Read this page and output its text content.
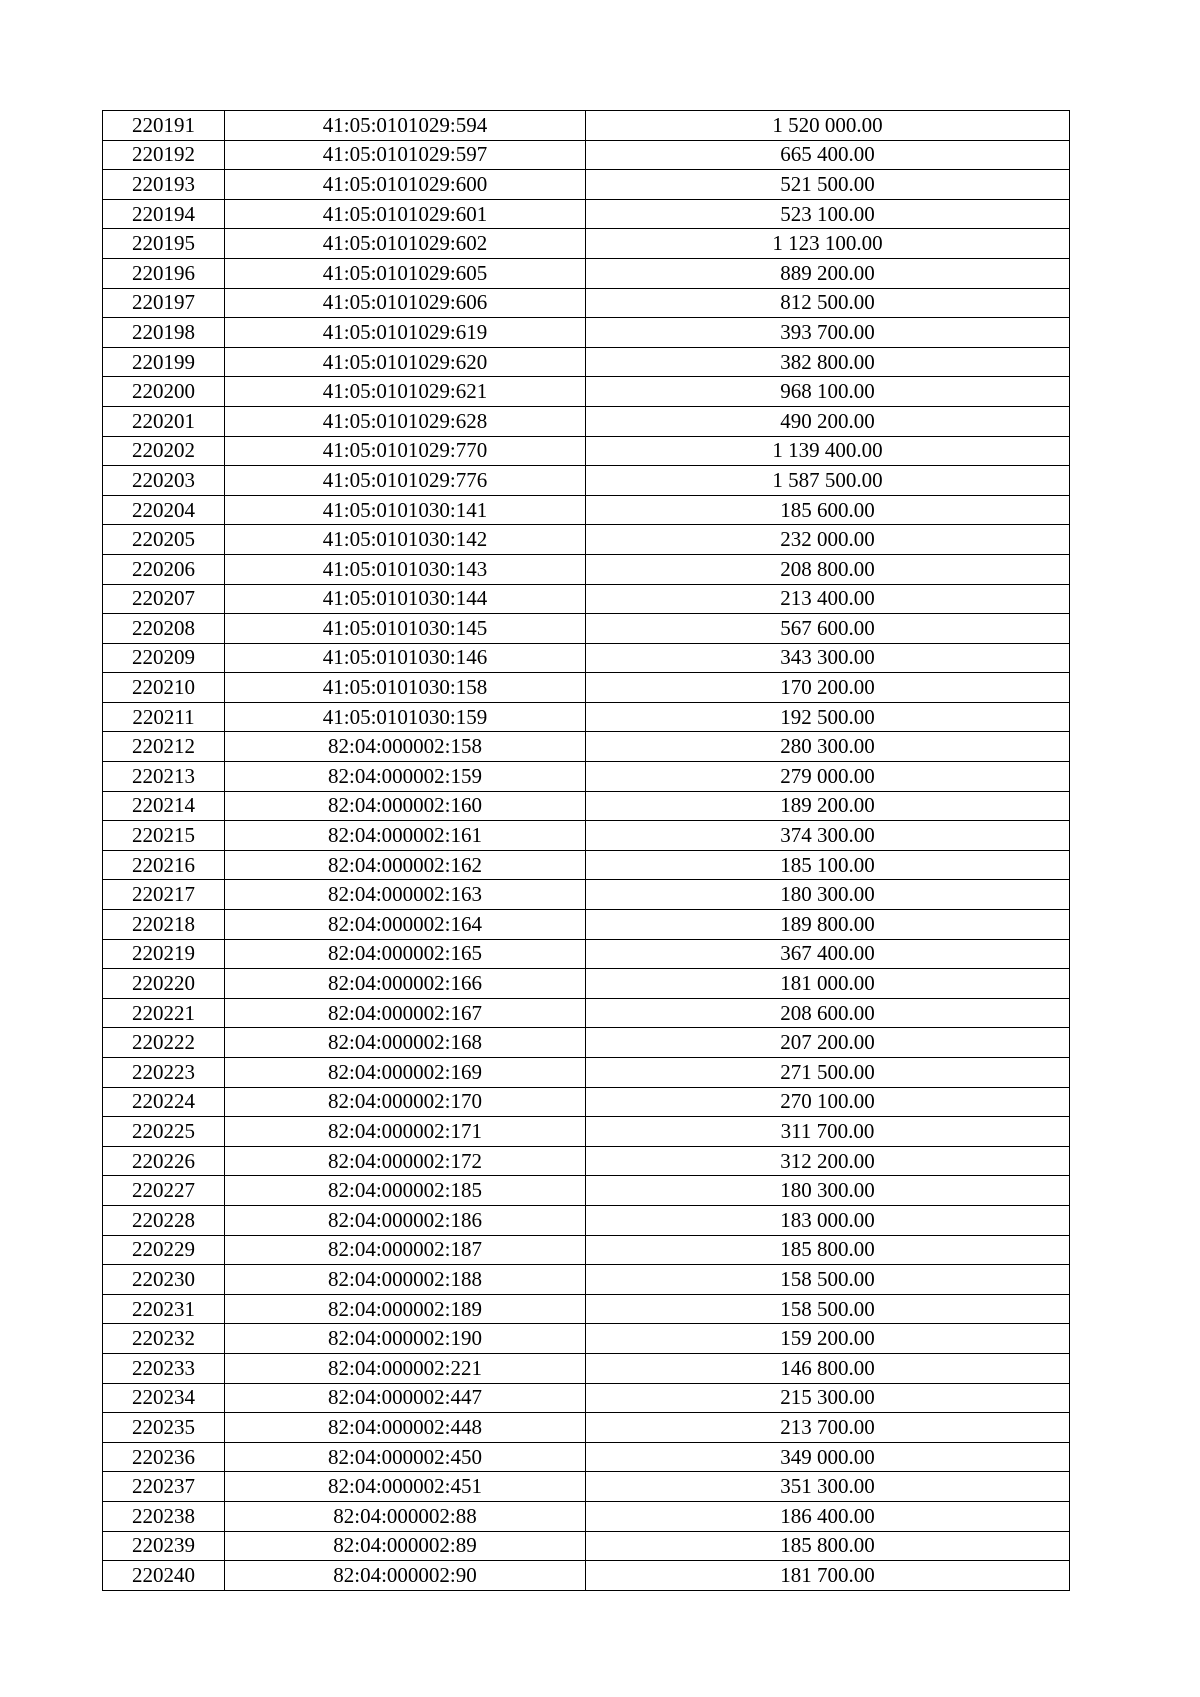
220191	41:05:0101029:594	1 520 000.00
220192	41:05:0101029:597	665 400.00
220193	41:05:0101029:600	521 500.00
220194	41:05:0101029:601	523 100.00
220195	41:05:0101029:602	1 123 100.00
220196	41:05:0101029:605	889 200.00
220197	41:05:0101029:606	812 500.00
220198	41:05:0101029:619	393 700.00
220199	41:05:0101029:620	382 800.00
220200	41:05:0101029:621	968 100.00
220201	41:05:0101029:628	490 200.00
220202	41:05:0101029:770	1 139 400.00
220203	41:05:0101029:776	1 587 500.00
220204	41:05:0101030:141	185 600.00
220205	41:05:0101030:142	232 000.00
220206	41:05:0101030:143	208 800.00
220207	41:05:0101030:144	213 400.00
220208	41:05:0101030:145	567 600.00
220209	41:05:0101030:146	343 300.00
220210	41:05:0101030:158	170 200.00
220211	41:05:0101030:159	192 500.00
220212	82:04:000002:158	280 300.00
220213	82:04:000002:159	279 000.00
220214	82:04:000002:160	189 200.00
220215	82:04:000002:161	374 300.00
220216	82:04:000002:162	185 100.00
220217	82:04:000002:163	180 300.00
220218	82:04:000002:164	189 800.00
220219	82:04:000002:165	367 400.00
220220	82:04:000002:166	181 000.00
220221	82:04:000002:167	208 600.00
220222	82:04:000002:168	207 200.00
220223	82:04:000002:169	271 500.00
220224	82:04:000002:170	270 100.00
220225	82:04:000002:171	311 700.00
220226	82:04:000002:172	312 200.00
220227	82:04:000002:185	180 300.00
220228	82:04:000002:186	183 000.00
220229	82:04:000002:187	185 800.00
220230	82:04:000002:188	158 500.00
220231	82:04:000002:189	158 500.00
220232	82:04:000002:190	159 200.00
220233	82:04:000002:221	146 800.00
220234	82:04:000002:447	215 300.00
220235	82:04:000002:448	213 700.00
220236	82:04:000002:450	349 000.00
220237	82:04:000002:451	351 300.00
220238	82:04:000002:88	186 400.00
220239	82:04:000002:89	185 800.00
220240	82:04:000002:90	181 700.00
